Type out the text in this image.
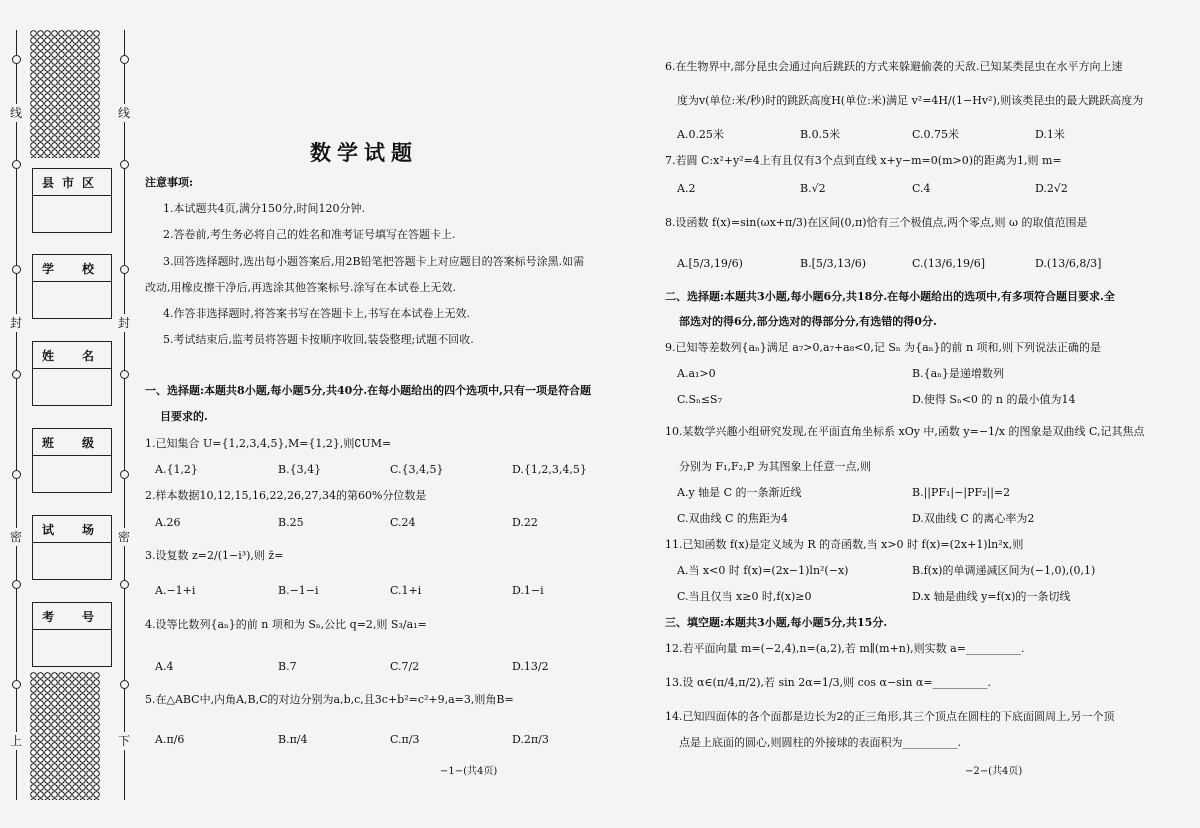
线
封
密
上
线
封
密
下
县市区
学　校
姓　名
班　级
试　场
考　号
数学试题
注意事项:
1.本试题共4页,满分150分,时间120分钟.
2.答卷前,考生务必将自己的姓名和准考证号填写在答题卡上.
3.回答选择题时,选出每小题答案后,用2B铅笔把答题卡上对应题目的答案标号涂黑.如需
改动,用橡皮擦干净后,再选涂其他答案标号.涂写在本试卷上无效.
4.作答非选择题时,将答案书写在答题卡上,书写在本试卷上无效.
5.考试结束后,监考员将答题卡按顺序收回,装袋整理;试题不回收.
一、选择题:本题共8小题,每小题5分,共40分.在每小题给出的四个选项中,只有一项是符合题
目要求的.
1.已知集合 U={1,2,3,4,5},M={1,2},则∁UM=
A.{1,2}	B.{3,4}	C.{3,4,5}	D.{1,2,3,4,5}
2.样本数据10,12,15,16,22,26,27,34的第60%分位数是
A.26	B.25	C.24	D.22
3.设复数 z=2/(1−i³),则 z̄=
A.−1+i	B.−1−i	C.1+i	D.1−i
4.设等比数列{aₙ}的前 n 项和为 Sₙ,公比 q=2,则 S₃/a₁=
A.4	B.7	C.7/2	D.13/2
5.在△ABC中,内角A,B,C的对边分别为a,b,c,且3c+b²=c²+9,a=3,则角B=
A.π/6	B.π/4	C.π/3	D.2π/3
−1−(共4页)
6.在生物界中,部分昆虫会通过向后跳跃的方式来躲避偷袭的天敌.已知某类昆虫在水平方向上速
度为v(单位:米/秒)时的跳跃高度H(单位:米)满足 v²=4H/(1−Hv²),则该类昆虫的最大跳跃高度为
A.0.25米	B.0.5米	C.0.75米	D.1米
7.若圆 C:x²+y²=4上有且仅有3个点到直线 x+y−m=0(m>0)的距离为1,则 m=
A.2	B.√2	C.4	D.2√2
8.设函数 f(x)=sin(ωx+π/3)在区间(0,π)恰有三个极值点,两个零点,则 ω 的取值范围是
A.[5/3,19/6)	B.[5/3,13/6)	C.(13/6,19/6]	D.(13/6,8/3]
二、选择题:本题共3小题,每小题6分,共18分.在每小题给出的选项中,有多项符合题目要求.全
部选对的得6分,部分选对的得部分分,有选错的得0分.
9.已知等差数列{aₙ}满足 a₇>0,a₇+a₈<0,记 Sₙ 为{aₙ}的前 n 项和,则下列说法正确的是
A.a₁>0	B.{aₙ}是递增数列
C.Sₙ≤S₇	D.使得 Sₙ<0 的 n 的最小值为14
10.某数学兴趣小组研究发现,在平面直角坐标系 xOy 中,函数 y=−1/x 的图象是双曲线 C,记其焦点
分别为 F₁,F₂,P 为其图象上任意一点,则
A.y 轴是 C 的一条渐近线	B.||PF₁|−|PF₂||=2
C.双曲线 C 的焦距为4	D.双曲线 C 的离心率为2
11.已知函数 f(x)是定义域为 R 的奇函数,当 x>0 时 f(x)=(2x+1)ln²x,则
A.当 x<0 时 f(x)=(2x−1)ln²(−x)	B.f(x)的单调递减区间为(−1,0),(0,1)
C.当且仅当 x≥0 时,f(x)≥0	D.x 轴是曲线 y=f(x)的一条切线
三、填空题:本题共3小题,每小题5分,共15分.
12.若平面向量 m=(−2,4),n=(a,2),若 m∥(m+n),则实数 a=__________.
13.设 α∈(π/4,π/2),若 sin 2α=1/3,则 cos α−sin α=__________.
14.已知四面体的各个面都是边长为2的正三角形,其三个顶点在圆柱的下底面圆周上,另一个顶
点是上底面的圆心,则圆柱的外接球的表面积为__________.
−2−(共4页)
